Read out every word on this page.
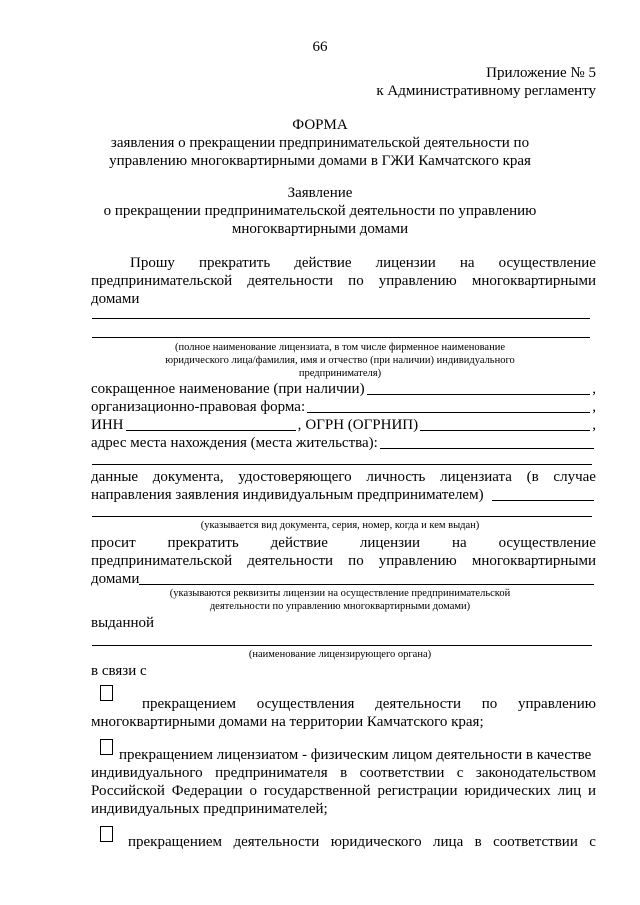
66
Приложение № 5
к Административному регламенту
ФОРМА
заявления о прекращении предпринимательской деятельности по
управлению многоквартирными домами в ГЖИ Камчатского края
Заявление
о прекращении предпринимательской деятельности по управлению
многоквартирными домами
Прошу прекратить действие лицензии на осуществление
предпринимательской деятельности по управлению многоквартирными
домами
(полное наименование лицензиата, в том числе фирменное наименование
юридического лица/фамилия, имя и отчество (при наличии) индивидуального
предпринимателя)
сокращенное наименование (при наличии)	,
организационно-правовая форма:	,
ИНН	, ОГРН (ОГРНИП)	,
адрес места нахождения (места жительства):
данные документа, удостоверяющего личность лицензиата (в случае
направления заявления индивидуальным предпринимателем)
(указывается вид документа, серия, номер, когда и кем выдан)
просит прекратить действие лицензии на осуществление
предпринимательской деятельности по управлению многоквартирными
домами
(указываются реквизиты лицензии на осуществление предпринимательской
деятельности по управлению многоквартирными домами)
выданной
(наименование лицензирующего органа)
в связи с
прекращением осуществления деятельности по управлению
многоквартирными домами на территории Камчатского края;
прекращением лицензиатом - физическим лицом деятельности в качестве
индивидуального предпринимателя в соответствии с законодательством
Российской Федерации о государственной регистрации юридических лиц и
индивидуальных предпринимателей;
прекращением деятельности юридического лица в соответствии с
